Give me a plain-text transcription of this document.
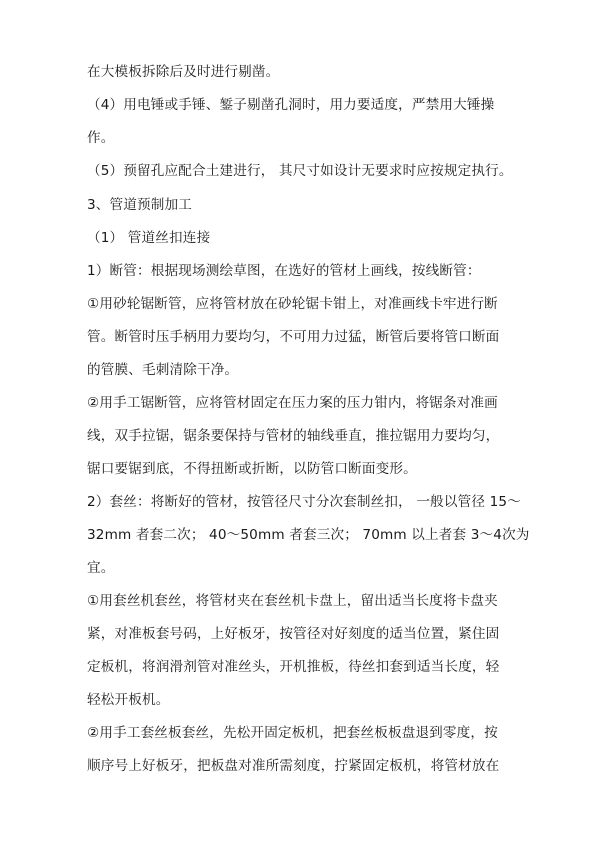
在大模板拆除后及时进行剔凿。
（4）用电锤或手锤、錾子剔凿孔洞时，用力要适度，严禁用大锤操
作。
（5）预留孔应配合土建进行， 其尺寸如设计无要求时应按规定执行。
3、管道预制加工
（1） 管道丝扣连接
1）断管：根据现场测绘草图，在选好的管材上画线，按线断管：
①用砂轮锯断管，应将管材放在砂轮锯卡钳上，对准画线卡牢进行断
管。断管时压手柄用力要均匀，不可用力过猛，断管后要将管口断面
的管膜、毛刺清除干净。
②用手工锯断管，应将管材固定在压力案的压力钳内，将锯条对准画
线，双手拉锯，锯条要保持与管材的轴线垂直，推拉锯用力要均匀，
锯口要锯到底，不得扭断或折断，以防管口断面变形。
2）套丝：将断好的管材，按管径尺寸分次套制丝扣， 一般以管径 15～
32mm 者套二次； 40～50mm 者套三次； 70mm 以上者套 3～4次为
宜。
①用套丝机套丝，将管材夹在套丝机卡盘上，留出适当长度将卡盘夹
紧，对准板套号码，上好板牙，按管径对好刻度的适当位置，紧住固
定板机，将润滑剂管对准丝头，开机推板，待丝扣套到适当长度，轻
轻松开板机。
②用手工套丝板套丝，先松开固定板机，把套丝板板盘退到零度，按
顺序号上好板牙，把板盘对准所需刻度，拧紧固定板机，将管材放在
